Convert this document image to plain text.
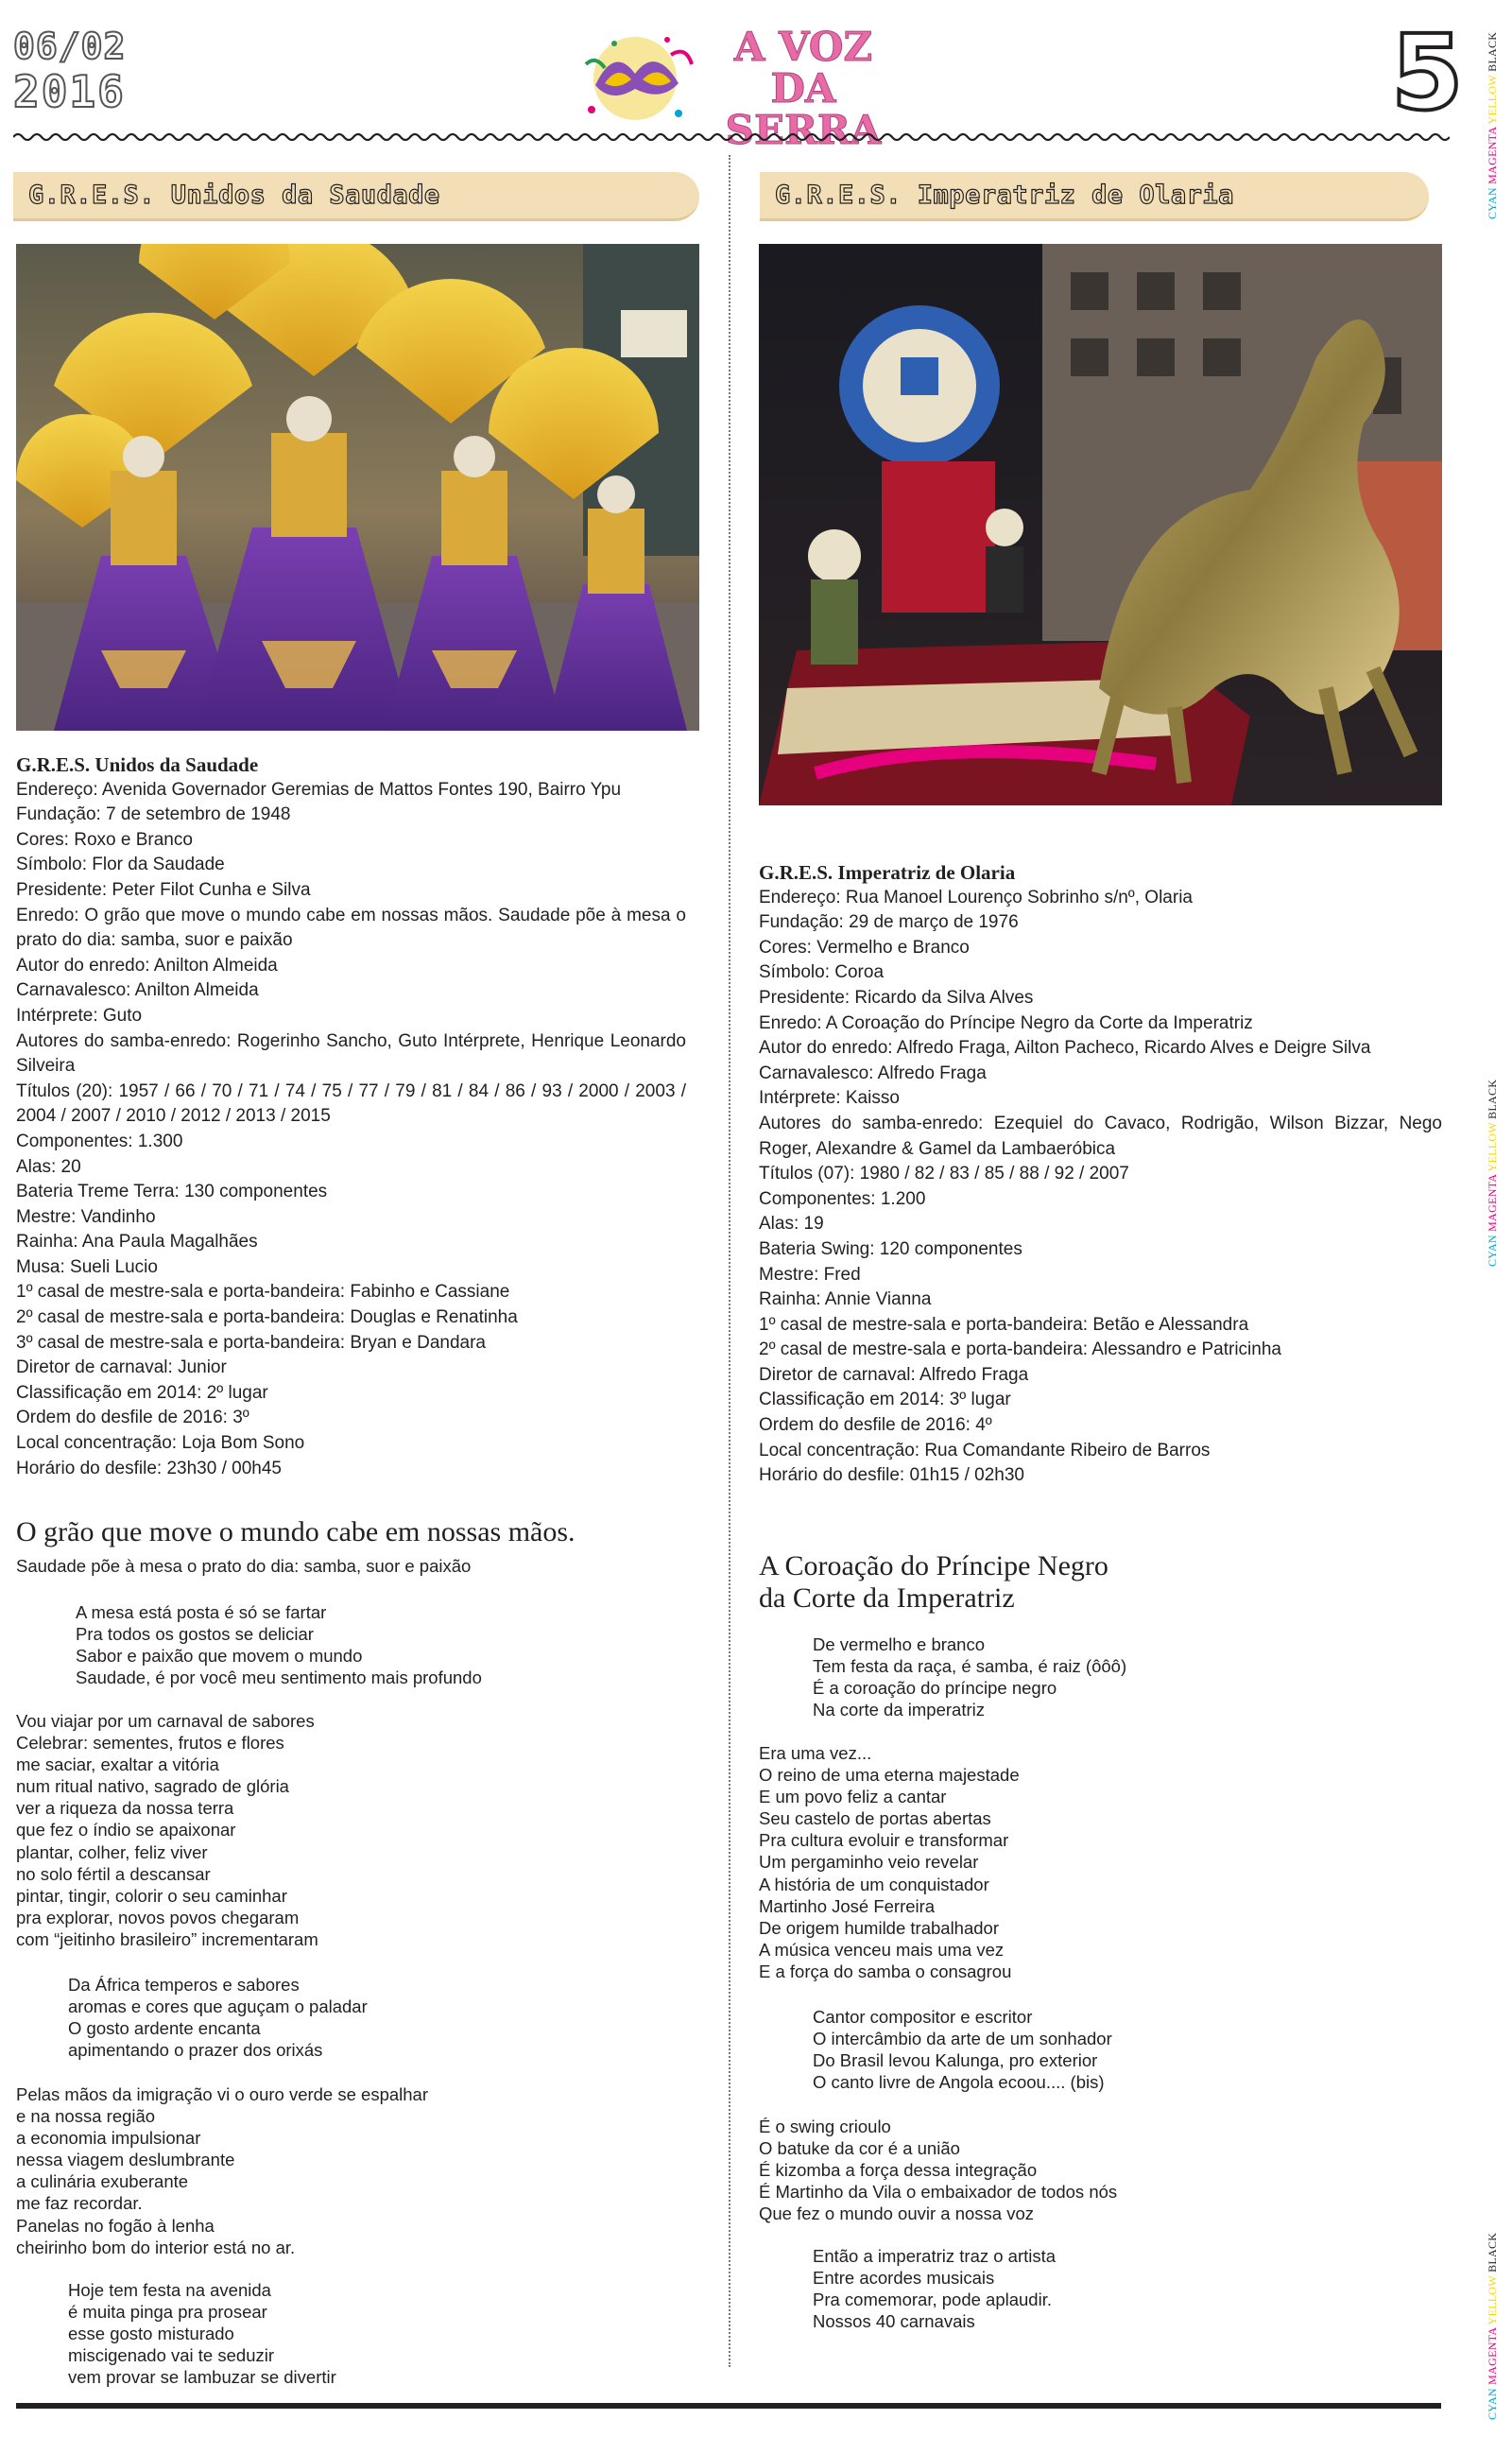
06/02
2016
A VOZ
DA SERRA	5
CYAN MAGENTA YELLOW BLACK
CYAN MAGENTA YELLOW BLACK
CYAN MAGENTA YELLOW BLACK
G.R.E.S. Unidos da Saudade	G.R.E.S. Imperatriz de Olaria
G.R.E.S. Unidos da Saudade
Endereço: Avenida Governador Geremias de Mattos Fontes 190, Bairro Ypu
Fundação: 7 de setembro de 1948
Cores: Roxo e Branco
Símbolo: Flor da Saudade
Presidente: Peter Filot Cunha e Silva
Enredo: O grão que move o mundo cabe em nossas mãos. Saudade põe à mesa o prato do dia: samba, suor e paixão
Autor do enredo: Anilton Almeida
Carnavalesco: Anilton Almeida
Intérprete: Guto
Autores do samba-enredo: Rogerinho Sancho, Guto Intérprete, Henrique Leonardo Silveira
Títulos (20): 1957 / 66 / 70 / 71 / 74 / 75 / 77 / 79 / 81 / 84 / 86 / 93 / 2000 / 2003 / 2004 / 2007 / 2010 / 2012 / 2013 / 2015
Componentes: 1.300
Alas: 20
Bateria Treme Terra: 130 componentes
Mestre: Vandinho
Rainha: Ana Paula Magalhães
Musa: Sueli Lucio
1º casal de mestre-sala e porta-bandeira: Fabinho e Cassiane
2º casal de mestre-sala e porta-bandeira: Douglas e Renatinha
3º casal de mestre-sala e porta-bandeira: Bryan e Dandara
Diretor de carnaval: Junior
Classificação em 2014: 2º lugar
Ordem do desfile de 2016: 3º
Local concentração: Loja Bom Sono
Horário do desfile: 23h30 / 00h45
G.R.E.S. Imperatriz de Olaria
Endereço: Rua Manoel Lourenço Sobrinho s/nº, Olaria
Fundação: 29 de março de 1976
Cores: Vermelho e Branco
Símbolo: Coroa
Presidente: Ricardo da Silva Alves
Enredo: A Coroação do Príncipe Negro da Corte da Imperatriz
Autor do enredo: Alfredo Fraga, Ailton Pacheco, Ricardo Alves e Deigre Silva
Carnavalesco: Alfredo Fraga
Intérprete: Kaisso
Autores do samba-enredo: Ezequiel do Cavaco, Rodrigão, Wilson Bizzar, Nego Roger, Alexandre & Gamel da Lambaeróbica
Títulos (07): 1980 / 82 / 83 / 85 / 88 / 92 / 2007
Componentes: 1.200
Alas: 19
Bateria Swing: 120 componentes
Mestre: Fred
Rainha: Annie Vianna
1º casal de mestre-sala e porta-bandeira: Betão e Alessandra
2º casal de mestre-sala e porta-bandeira: Alessandro e Patricinha
Diretor de carnaval: Alfredo Fraga
Classificação em 2014: 3º lugar
Ordem do desfile de 2016: 4º
Local concentração: Rua Comandante Ribeiro de Barros
Horário do desfile: 01h15 / 02h30
O grão que move o mundo cabe em nossas mãos.
Saudade põe à mesa o prato do dia: samba, suor e paixão	A Coroação do Príncipe Negro
da Corte da Imperatriz
A mesa está posta é só se fartar
Pra todos os gostos se deliciar
Sabor e paixão que movem o mundo
Saudade, é por você meu sentimento mais profundo
Vou viajar por um carnaval de sabores
Celebrar: sementes, frutos e flores
me saciar, exaltar a vitória
num ritual nativo, sagrado de glória
ver a riqueza da nossa terra
que fez o índio se apaixonar
plantar, colher, feliz viver
no solo fértil a descansar
pintar, tingir, colorir o seu caminhar
pra explorar, novos povos chegaram
com “jeitinho brasileiro” incrementaram
Da África temperos e sabores
aromas e cores que aguçam o paladar
O gosto ardente encanta
apimentando o prazer dos orixás
Pelas mãos da imigração vi o ouro verde se espalhar
e na nossa região
a economia impulsionar
nessa viagem deslumbrante
a culinária exuberante
me faz recordar.
Panelas no fogão à lenha
cheirinho bom do interior está no ar.
Hoje tem festa na avenida
é muita pinga pra prosear
esse gosto misturado
miscigenado vai te seduzir
vem provar se lambuzar se divertir
De vermelho e branco
Tem festa da raça, é samba, é raiz (ôôô)
É a coroação do príncipe negro
Na corte da imperatriz
Era uma vez...
O reino de uma eterna majestade
E um povo feliz a cantar
Seu castelo de portas abertas
Pra cultura evoluir e transformar
Um pergaminho veio revelar
A história de um conquistador
Martinho José Ferreira
De origem humilde trabalhador
A música venceu mais uma vez
E a força do samba o consagrou
Cantor compositor e escritor
O intercâmbio da arte de um sonhador
Do Brasil levou Kalunga, pro exterior
O canto livre de Angola ecoou.... (bis)
É o swing crioulo
O batuke da cor é a união
É kizomba a força dessa integração
É Martinho da Vila o embaixador de todos nós
Que fez o mundo ouvir a nossa voz
Então a imperatriz traz o artista
Entre acordes musicais
Pra comemorar, pode aplaudir.
Nossos 40 carnavais
